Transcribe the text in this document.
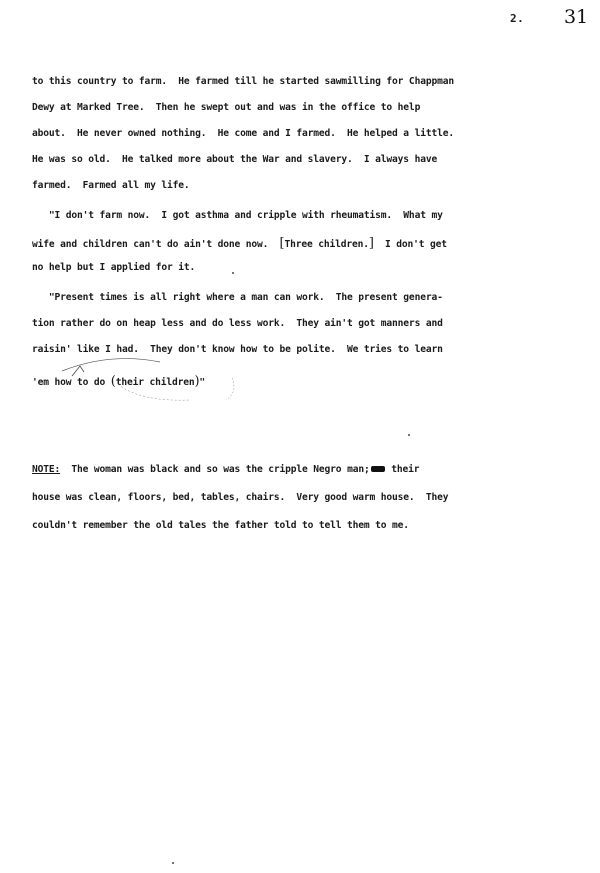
2. 31
to this country to farm.  He farmed till he started sawmilling for Chappman
Dewy at Marked Tree.  Then he swept out and was in the office to help
about.  He never owned nothing.  He come and I farmed.  He helped a little.
He was so old.  He talked more about the War and slavery.  I always have
farmed.  Farmed all my life.
"I don't farm now.  I got asthma and cripple with rheumatism.  What my
wife and children can't do ain't done now.  [Three children.]  I don't get
no help but I applied for it.
"Present times is all right where a man can work.  The present genera-
tion rather do on heap less and do less work.  They ain't got manners and
raisin' like I had.  They don't know how to be polite.  We tries to learn
'em how to do (their children)"
NOTE:  The woman was black and so was the cripple Negro man; their
house was clean, floors, bed, tables, chairs.  Very good warm house.  They
couldn't remember the old tales the father told to tell them to me.
